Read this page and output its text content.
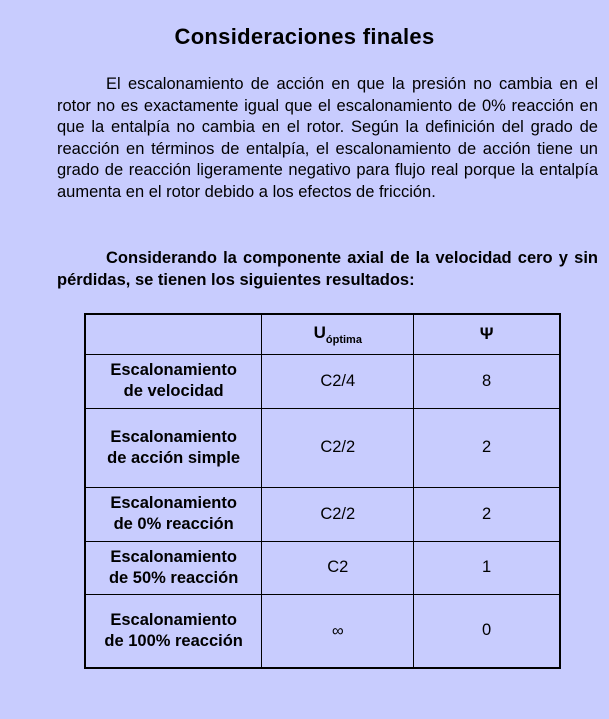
Consideraciones finales
El escalonamiento de acción en que la presión no cambia en el rotor no es exactamente igual que el escalonamiento de 0% reacción en que la entalpía no cambia en el rotor. Según la definición del grado de reacción en términos de entalpía, el escalonamiento de acción tiene un grado de reacción ligeramente negativo para flujo real porque la entalpía aumenta en el rotor debido a los efectos de fricción.
Considerando la componente axial de la velocidad cero y sin pérdidas, se tienen los siguientes resultados:
	$U_{óptima}$	Ψ
Escalonamiento
de velocidad	C2/4	8
Escalonamiento
de acción simple	C2/2	2
Escalonamiento
de 0% reacción	C2/2	2
Escalonamiento
de 50% reacción	C2	1
Escalonamiento
de 100% reacción	∞	0
